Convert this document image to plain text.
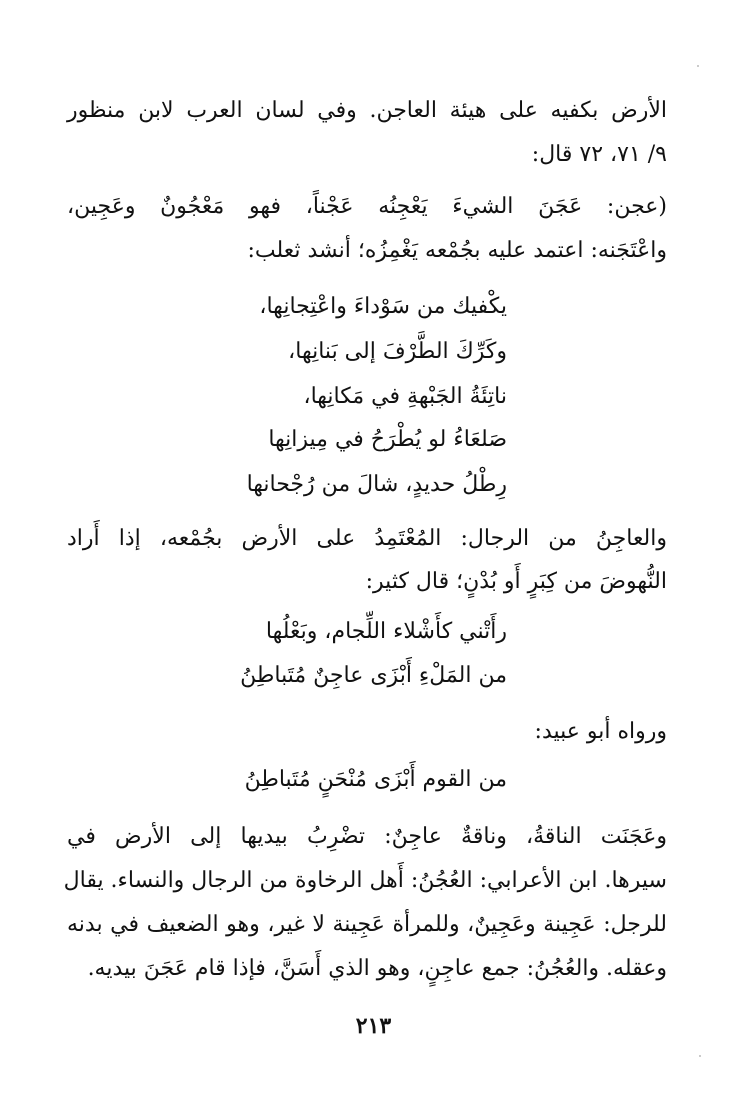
الأرض بكفيه على هيئة العاجن. وفي لسان العرب لابن منظور
٩/ ٧١، ٧٢ قال:
(عجن: عَجَنَ الشيءَ يَعْجِنُه عَجْناً، فهو مَعْجُونٌ وعَجِين،
واعْتَجَنه: اعتمد عليه بجُمْعه يَغْمِزُه؛ أنشد ثعلب:
يكْفيك من سَوْداءَ واعْتِجانِها،
وكَرِّكَ الطَّرْفَ إلى بَنانِها،
ناتِئَةُ الجَبْهةِ في مَكانِها،
صَلعَاءُ لو يُطْرَحُ في مِيزانِها
رِطْلُ حديدٍ، شالَ من رُجْحانها
والعاجِنُ من الرجال: المُعْتَمِدُ على الأرض بجُمْعه، إذا أَراد
النُّهوضَ من كِبَرٍ أَو بُدْنٍ؛ قال كثير:
رأَتْني كأَشْلاء اللِّجام، وبَعْلُها
من المَلْءِ أَبْزَى عاجِنٌ مُتَباطِنُ
ورواه أبو عبيد:
من القوم أَبْزَى مُنْحَنٍ مُتَباطِنُ
وعَجَنَت الناقةُ، وناقةٌ عاجِنٌ: تضْرِبُ بيديها إلى الأرض في
سيرها. ابن الأعرابي: العُجُنُ: أَهل الرخاوة من الرجال والنساء. يقال
للرجل: عَجِينة وعَجِينٌ، وللمرأة عَجِينة لا غير، وهو الضعيف في بدنه
وعقله. والعُجُنُ: جمع عاجِنٍ، وهو الذي أَسَنَّ، فإذا قام عَجَنَ بيديه.
٢١٣
